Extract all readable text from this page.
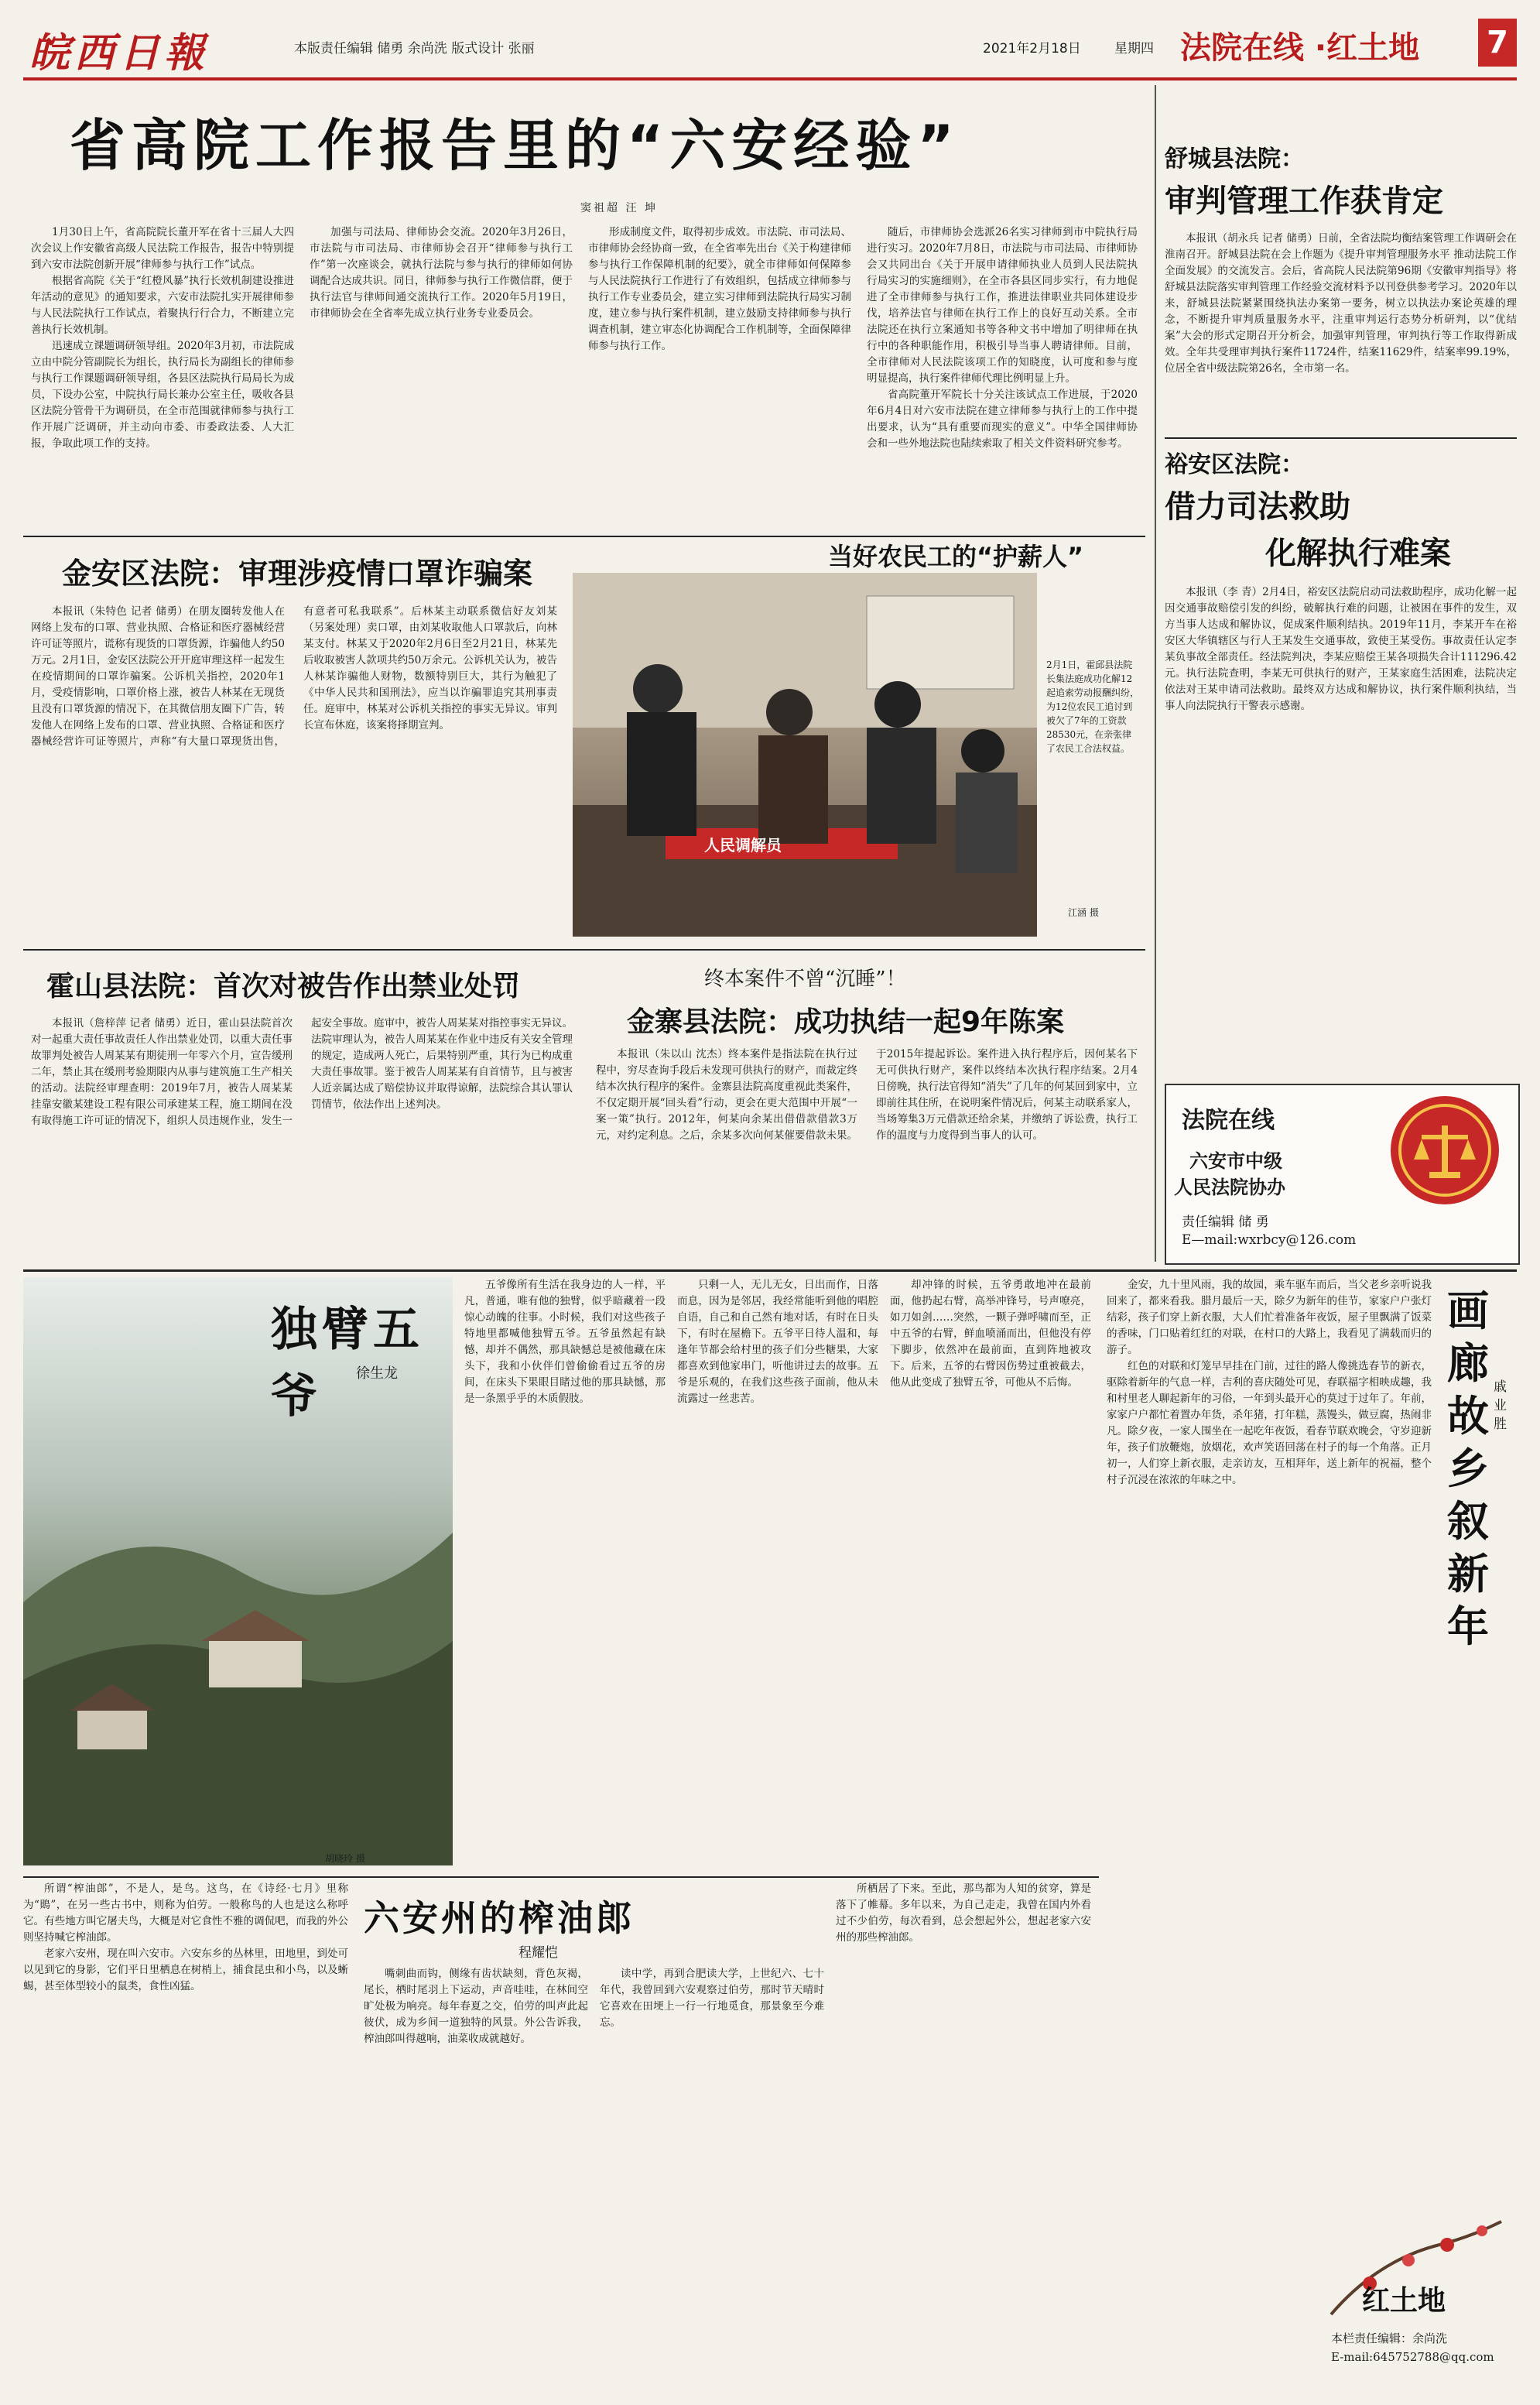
皖西日報	本版责任编辑 储勇 余尚洗 版式设计 张丽	2021年2月18日	星期四 法院在线 ·红土地 7
省高院工作报告里的“六安经验”
窦祖超 汪 坤

1月30日上午，省高院院长董开军在省十三届人大四次会议上作安徽省高级人民法院工作报告，报告中特别提到六安市法院创新开展“律师参与执行工作”试点。

根据省高院《关于“红橙风暴”执行长效机制建设推进年活动的意见》的通知要求，六安市法院扎实开展律师参与人民法院执行工作试点，着聚执行行合力，不断建立完善执行长效机制。

迅速成立课题调研领导组。2020年3月初，市法院成立由中院分管副院长为组长，执行局长为副组长的律师参与执行工作课题调研领导组，各县区法院执行局局长为成员，下设办公室，中院执行局长兼办公室主任，吸收各县区法院分管骨干为调研员，在全市范围就律师参与执行工作开展广泛调研，并主动向市委、市委政法委、人大汇报，争取此项工作的支持。

加强与司法局、律师协会交流。2020年3月26日，市法院与市司法局、市律师协会召开“律师参与执行工作”第一次座谈会，就执行法院与参与执行的律师如何协调配合达成共识。同日，律师参与执行工作微信群，便于执行法官与律师间通交流执行工作。2020年5月19日，市律师协会在全省率先成立执行业务专业委员会。

形成制度文件，取得初步成效。市法院、市司法局、市律师协会经协商一致，在全省率先出台《关于构建律师参与执行工作保障机制的纪要》，就全市律师如何保障参与人民法院执行工作进行了有效组织，包括成立律师参与执行工作专业委员会，建立实习律师到法院执行局实习制度，建立参与执行案件机制，建立鼓励支持律师参与执行调查机制，建立审态化协调配合工作机制等，全面保障律师参与执行工作。

随后，市律师协会选派26名实习律师到市中院执行局进行实习。2020年7月8日，市法院与市司法局、市律师协会又共同出台《关于开展申请律师执业人员到人民法院执行局实习的实施细则》，在全市各县区同步实行，有力地促进了全市律师参与执行工作，推进法律职业共同体建设步伐，培养法官与律师在执行工作上的良好互动关系。全市法院还在执行立案通知书等各种文书中增加了明律师在执行中的各种职能作用，积极引导当事人聘请律师。目前，全市律师对人民法院该项工作的知晓度，认可度和参与度明显提高，执行案件律师代理比例明显上升。

省高院董开军院长十分关注该试点工作进展，于2020年6月4日对六安市法院在建立律师参与执行上的工作中提出要求，认为“具有重要而现实的意义”。中华全国律师协会和一些外地法院也陆续索取了相关文件资料研究参考。

金安区法院：审理涉疫情口罩诈骗案

本报讯（朱特色 记者 储勇）在朋友圈转发他人在网络上发布的口罩、营业执照、合格证和医疗器械经营许可证等照片，谎称有现货的口罩货源，诈骗他人约50万元。2月1日，金安区法院公开开庭审理这样一起发生在疫情期间的口罩诈骗案。公诉机关指控，2020年1月，受疫情影响，口罩价格上涨，被告人林某在无现货且没有口罩货源的情况下，在其微信朋友圈下广告，转发他人在网络上发布的口罩、营业执照、合格证和医疗器械经营许可证等照片，声称“有大量口罩现货出售，有意者可私我联系”。后林某主动联系微信好友刘某（另案处理）卖口罩，由刘某收取他人口罩款后，向林某支付。林某又于2020年2月6日至2月21日，林某先后收取被害人款项共约50万余元。公诉机关认为，被告人林某诈骗他人财物，数额特别巨大，其行为触犯了《中华人民共和国刑法》，应当以诈骗罪追究其刑事责任。庭审中，林某对公诉机关指控的事实无异议。审判长宣布休庭，该案将择期宣判。

当好农民工的“护薪人”
人民调解员
2月1日，霍邱县法院长集法庭成功化解12起追索劳动报酬纠纷，为12位农民工追讨到被欠了7年的工资款28530元，在亲张律了农民工合法权益。
江涵 摄
霍山县法院：首次对被告作出禁业处罚

本报讯（詹梓萍 记者 储勇）近日，霍山县法院首次对一起重大责任事故责任人作出禁业处罚，以重大责任事故罪判处被告人周某某有期徒刑一年零六个月，宣告缓刑二年，禁止其在缓刑考验期限内从事与建筑施工生产相关的活动。法院经审理查明：2019年7月，被告人周某某挂靠安徽某建设工程有限公司承建某工程，施工期间在没有取得施工许可证的情况下，组织人员违规作业，发生一起安全事故。庭审中，被告人周某某对指控事实无异议。法院审理认为，被告人周某某在作业中违反有关安全管理的规定，造成两人死亡，后果特别严重，其行为已构成重大责任事故罪。鉴于被告人周某某有自首情节，且与被害人近亲属达成了赔偿协议并取得谅解，法院综合其认罪认罚情节，依法作出上述判决。

终本案件不曾“沉睡”！
金寨县法院：成功执结一起9年陈案

本报讯（朱以山 沈杰）终本案件是指法院在执行过程中，穷尽查询手段后未发现可供执行的财产，而裁定终结本次执行程序的案件。金寨县法院高度重视此类案件，不仅定期开展“回头看”行动，更会在更大范围中开展“一案一策”执行。2012年，何某向余某出借借款借款3万元，对约定利息。之后，余某多次向何某催要借款未果。于2015年提起诉讼。案件进入执行程序后，因何某名下无可供执行财产，案件以终结本次执行程序结案。2月4日傍晚，执行法官得知“消失”了几年的何某回到家中，立即前往其住所，在说明案件情况后，何某主动联系家人，当场筹集3万元借款还给余某，并缴纳了诉讼费，执行工作的温度与力度得到当事人的认可。

舒城县法院：
审判管理工作获肯定

本报讯（胡永兵 记者 储勇）日前，全省法院均衡结案管理工作调研会在淮南召开。舒城县法院在会上作题为《提升审判管理服务水平 推动法院工作全面发展》的交流发言。会后，省高院人民法院第96期《安徽审判指导》将舒城县法院落实审判管理工作经验交流材料予以刊登供参考学习。2020年以来，舒城县法院紧紧围绕执法办案第一要务，树立以执法办案论英雄的理念，不断提升审判质量服务水平，注重审判运行态势分析研判，以“优结案”大会的形式定期召开分析会，加强审判管理，审判执行等工作取得新成效。全年共受理审判执行案件11724件，结案11629件，结案率99.19%，位居全省中级法院第26名，全市第一名。

裕安区法院：
借力司法救助
化解执行难案

本报讯（李 青）2月4日，裕安区法院启动司法救助程序，成功化解一起因交通事故赔偿引发的纠纷，破解执行难的问题，让被困在事件的发生，双方当事人达成和解协议，促成案件顺利结执。2019年11月，李某开车在裕安区大华镇辖区与行人王某发生交通事故，致使王某受伤。事故责任认定李某负事故全部责任。经法院判决，李某应赔偿王某各项损失合计111296.42元。执行法院查明，李某无可供执行的财产，王某家庭生活困难，法院决定依法对王某申请司法救助。最终双方达成和解协议，执行案件顺利执结，当事人向法院执行干警表示感谢。

法院在线
六安市中级
人民法院协办
责任编辑 储 勇
E—mail:wxrbcy@126.com
独臂五爷	徐生龙
胡晓玲 摄

五爷像所有生活在我身边的人一样，平凡，普通，唯有他的独臂，似乎暗藏着一段惊心动魄的往事。小时候，我们对这些孩子特地里都喊他独臂五爷。五爷虽然起有缺憾，却并不偶然，那具缺憾总是被他藏在床头下，我和小伙伴们曾偷偷看过五爷的房间，在床头下果眼目睹过他的那具缺憾，那是一条黑乎乎的木质假肢。

只剩一人，无儿无女，日出而作，日落而息，因为是邻居，我经常能听到他的唱腔自语，自己和自己然有地对话，有时在日头下，有时在屋檐下。五爷平日待人温和，每逢年节都会给村里的孩子们分些糖果，大家都喜欢到他家串门，听他讲过去的故事。五爷是乐观的，在我们这些孩子面前，他从未流露过一丝悲苦。

却冲锋的时候，五爷勇敢地冲在最前面，他扔起右臂，高举冲锋号，号声嘹亮，如刀如剑……突然，一颗子弹呼啸而至，正中五爷的右臂，鲜血喷涌而出，但他没有停下脚步，依然冲在最前面，直到阵地被攻下。后来，五爷的右臂因伤势过重被截去，他从此变成了独臂五爷，可他从不后悔。

金安，九十里风雨，我的故园，乘车驱车而后，当父老乡亲听说我回来了，都来看我。腊月最后一天，除夕为新年的佳节，家家户户张灯结彩，孩子们穿上新衣服，大人们忙着准备年夜饭，屋子里飘满了饭菜的香味，门口贴着红红的对联，在村口的大路上，我看见了满载而归的游子。

红色的对联和灯笼早早挂在门前，过往的路人像挑选春节的新衣，驱除着新年的气息一样，吉利的喜庆随处可见，春联福字相映成趣，我和村里老人聊起新年的习俗，一年到头最开心的莫过于过年了。年前，家家户户都忙着置办年货，杀年猪，打年糕，蒸馒头，做豆腐，热闹非凡。除夕夜，一家人围坐在一起吃年夜饭，看春节联欢晚会，守岁迎新年，孩子们放鞭炮，放烟花，欢声笑语回荡在村子的每一个角落。正月初一，人们穿上新衣服，走亲访友，互相拜年，送上新年的祝福，整个村子沉浸在浓浓的年味之中。

画廊故乡叙新年
戚业胜
六安州的榨油郎
程耀恺

所谓“榨油郎”，不是人，是鸟。这鸟，在《诗经·七月》里称为“鵙”，在另一些古书中，则称为伯劳。一般称鸟的人也是这么称呼它。有些地方叫它屠夫鸟，大概是对它食性不雅的调侃吧，而我的外公则坚持喊它榨油郎。

老家六安州，现在叫六安市。六安东乡的丛林里，田地里，到处可以见到它的身影，它们平日里栖息在树梢上，捕食昆虫和小鸟，以及蜥蜴，甚至体型较小的鼠类，食性凶猛。

嘴刺曲而钩，侧缘有齿状缺刻，背色灰褐，尾长，栖时尾羽上下运动，声音哇哇，在林间空旷处极为响亮。每年春夏之交，伯劳的叫声此起彼伏，成为乡间一道独特的风景。外公告诉我，榨油郎叫得越响，油菜收成就越好。

读中学，再到合肥读大学，上世纪六、七十年代，我曾回到六安观察过伯劳，那时节天晴时它喜欢在田埂上一行一行地觅食，那景象至今难忘。

所栖居了下来。至此，那鸟都为人知的贫穿，算是落下了帷幕。多年以来，为自己走走，我曾在国内外看过不少伯劳，每次看到，总会想起外公，想起老家六安州的那些榨油郎。

红土地
本栏责任编辑：余尚洗
E-mail:645752788@qq.com
